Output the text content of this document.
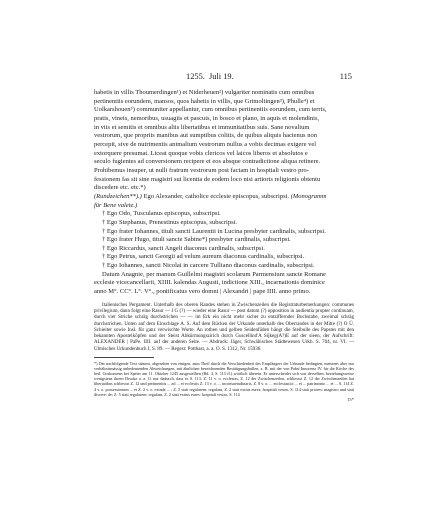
1255.  Juli 19.	115
habetis in villis Thoumerdingen¹) et Niderheuen²) vulgariter nominatis cum omnibus
pertinentiis eorundem, mansos, quos habetis in villis, que Grimoltingen³), Phulle⁴) et
Uolkarshouen⁵) communiter appellantur, cum omnibus pertinentiis eorundem, cum terris,
pratis, vineis, nemoribus, usuagiis et pascuis, in bosco et plano, in aquis et molendinis,
in viis et semitis et omnibus aliis libertatibus et immunitatibus suis. Sane novalium
vestrorum, que propriis manibus aut sumptibus colitis, de quibus aliquis hactenus non
percepit, sive de nutrimentis animalium vestrorum nullus a vobis decimas exigere vel
extorquere presumat. Liceat quoque vobis clericos vel laicos liberos et absolutos e
seculo fugientes ad conversionem recipere et eos absque contradictione aliqua retinere.
Prohibemus insuper, ut nulli fratrum vestrorum post factam in hospitali vestro pro-
fessionem fas sit sine magistri sui licentia de eodem loco nisi artioris religionis obtentu
discedere etc. etc.*)
(Rundzeichen**).) Ego Alexander, catholice ecclesie episcopus, subscripsi. (Monogramm
für Bene valete.)
† Ego Odo, Tusculanus episcopus, subscripsi.
† Ego Stephanus, Prenestinus episcopus, subscripsi.
† Ego frater Iohannes, tituli sancti Laurentii in Lucina presbyter cardinalis, subscripsi.
† Ego frater Hugo, tituli sancte Sabine*) presbyter cardinalis, subscripsi.
† Ego Riccardus, sancti Angeli diaconus cardinalis, subscripsi.
† Ego Petrus, sancti Georgii ad velum aureum diaconus cardinalis, subscripsi.
† Ego Iohannes, sancti Nicolai in carcere Tulliano diaconus cardinalis, subscripsi.
Datum Anagnie, per manum Guillelmi magistri scolarum Parmensium sancte Romane
ecclesie vicecancellarii, XIIII. kalendas Augusti, indictione XIII., incarnationis dominice
anno M°. CC°. L°. V°., pontificatus vero domni | Alexandri | pape IIII. anno primo.

Italienisches Pergament. Unterhalb des oberen Randes stehen in Zwischenzeilen die Registraturbemerkungen: communes privilegium, dann folgt eine Rasur — I G (?) — wieder eine Rasur — post datum (?) opposition in audientia propter continuam, durch vier Striche schräg durchstrichen — — im Erk ein nicht mehr sicher zu entziffernder Buchstabe, zweimal schräg durchstrichen. Unten auf dem Einschlage A. S. Auf dem Rücken der Urkunde unterhalb des Oberrandes in der Mitte (?) O Ü. Schieiter sowie Insl. für ganz verwischte Worte. An rothen und gelben Seidenfäden hängt die Steibulle des Papstes mit den bekannten Apostelköpfen und der Steist Abkürmungszirich durch Guscellind'A Sijkeg(A?)E auf der sieen, der Aufschrift: ALEXANDER | PaPe. IIII. auf der anderen Seite. — Abdruck: Jäger, Schwäbisches Städtewesen Urkb. S. 704, nr. VI. — Ulmisches Urkundenbuch I, S. 89. — Regest: Potthast, a. a. O. S. 1312, Nr. 15936.

*) Der nachfolgende Text stimmt, abgesehen von einigen, zum Theil durch die Verschiedenheit des Empfängers der Urkunde bedingten, meistens aber nur verhältnismässig unbedeutenden Abweichungen, mit ähnlichen bezeichnenden Bestätigungsbullen, z. B. mit der von Pabst Innocenz IV. für die Kirche des heil. Goskonsens bei Speier am 11. Oktober 1245 ausgestellten (Bd. 4, S. 113 ff.) wörtlich überein. Er unterscheidet sich von derselben, beziehungsweise wenigstens ihrem Drucke a. a. O. nur dadurch, dass es S. 113, Z. 11 v. o. ecclesias, Z. 12 der Zwischenzeilen, schliessst Z. 12 der Zwischenzeilen hat libertatibus schliessst Z. 12 und pertinentiis ... ad ... et ecclesiis Z. 13 v. o. ... inconsuetudinaris, Z. 8 v. o. ... ecclesiastici ... et ... patrimonio ... et ... S. 114 Z. 4 v. o. possessionum ... et Z. 2 v. o. exinde ... ; Z. 5 statt regularem: regulam, Z. 2 statt extius eures: hospitali vestro, S. 114 statt priores: magistro und statt discere: de; Z. 5 statt regularem: regulam, Z. 2 statt extius eures: hospitali vestro, S. 114

15*
